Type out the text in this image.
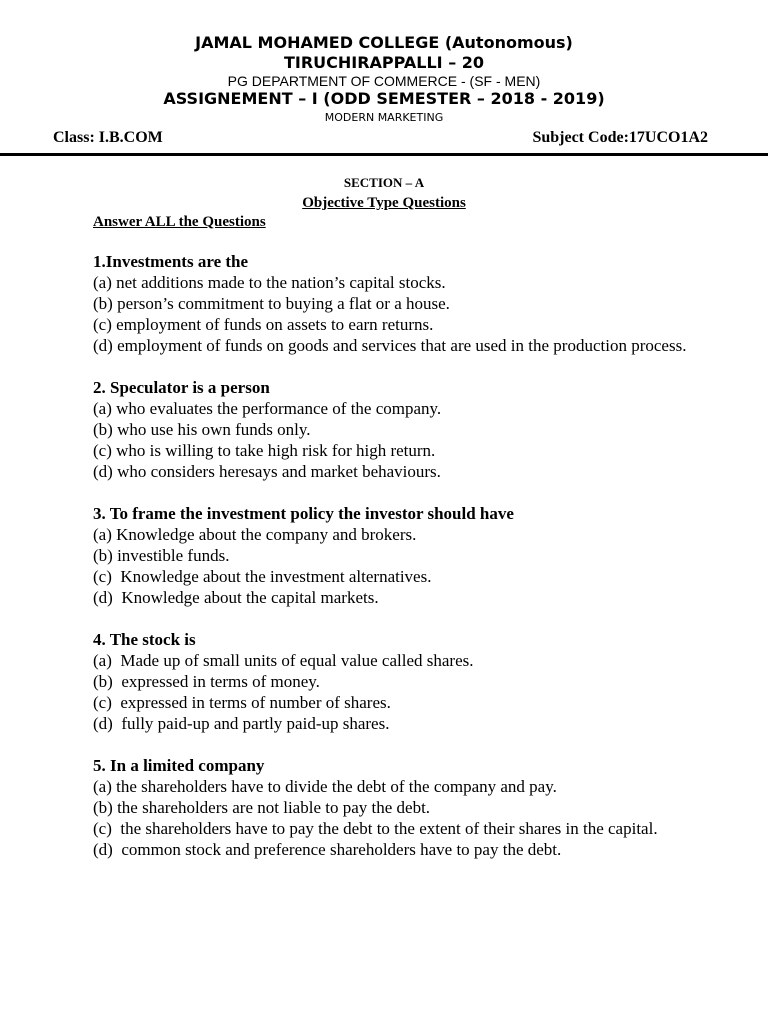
JAMAL MOHAMED COLLEGE (Autonomous)
TIRUCHIRAPPALLI – 20
PG DEPARTMENT OF COMMERCE - (SF - MEN)
ASSIGNEMENT – I (ODD SEMESTER – 2018 - 2019)
MODERN MARKETING
Class: I.B.COM	Subject Code:17UCO1A2
SECTION – A
Objective Type Questions
Answer ALL the Questions
1.Investments are the
(a) net additions made to the nation’s capital stocks.
(b) person’s commitment to buying a flat or a house.
(c) employment of funds on assets to earn returns.
(d) employment of funds on goods and services that are used in the production process.
2. Speculator is a person
(a) who evaluates the performance of the company.
(b) who use his own funds only.
(c) who is willing to take high risk for high return.
(d) who considers heresays and market behaviours.
3. To frame the investment policy the investor should have
(a) Knowledge about the company and brokers.
(b) investible funds.
(c)  Knowledge about the investment alternatives.
(d)  Knowledge about the capital markets.
4. The stock is
(a)  Made up of small units of equal value called shares.
(b)  expressed in terms of money.
(c)  expressed in terms of number of shares.
(d)  fully paid-up and partly paid-up shares.
5. In a limited company
(a) the shareholders have to divide the debt of the company and pay.
(b) the shareholders are not liable to pay the debt.
(c)  the shareholders have to pay the debt to the extent of their shares in the capital.
(d)  common stock and preference shareholders have to pay the debt.
